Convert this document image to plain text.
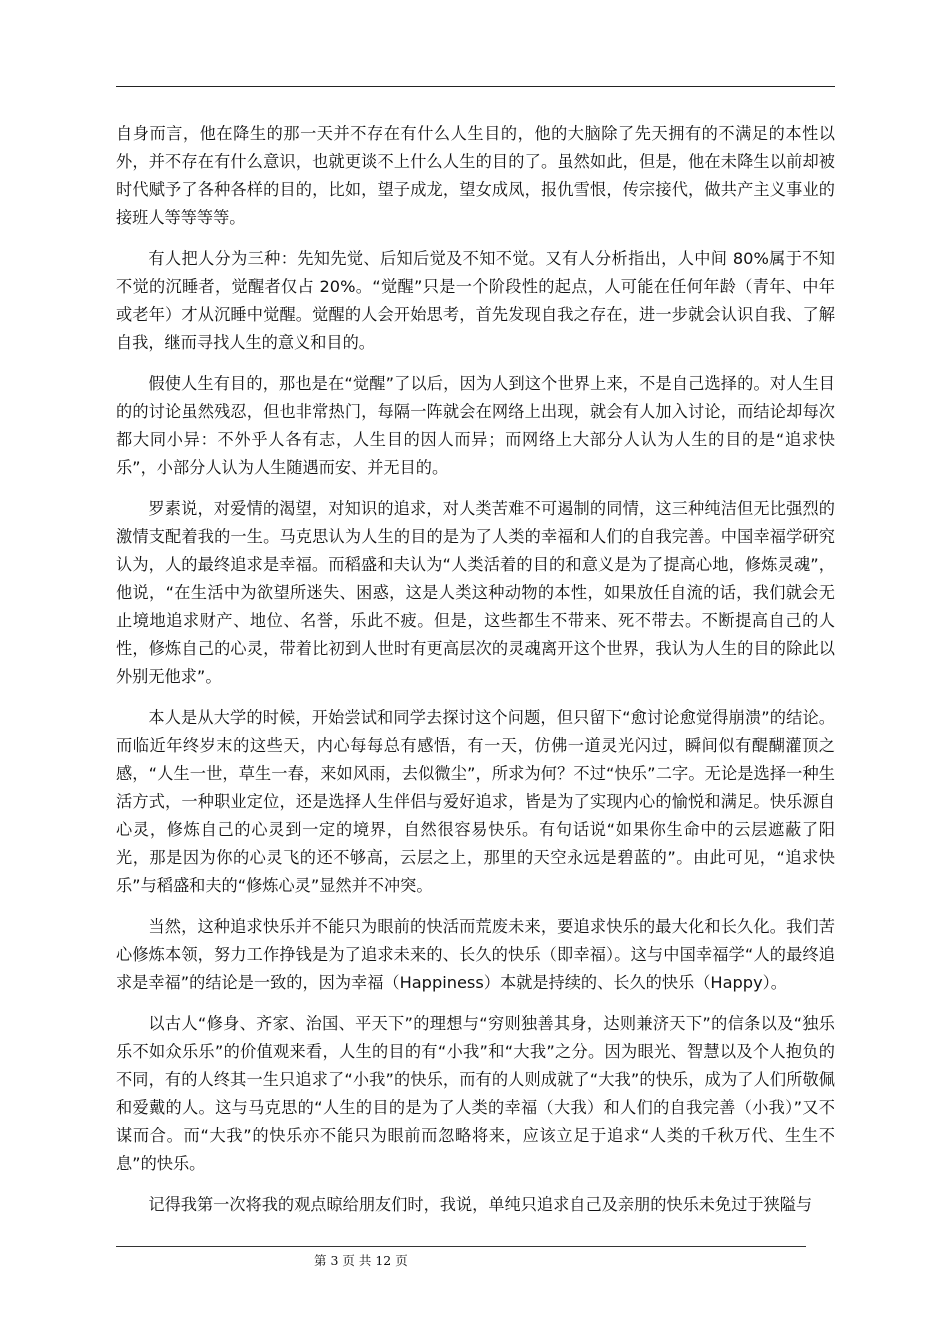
自身而言，他在降生的那一天并不存在有什么人生目的，他的大脑除了先天拥有的不满足的本性以外，并不存在有什么意识，也就更谈不上什么人生的目的了。虽然如此，但是，他在未降生以前却被时代赋予了各种各样的目的，比如，望子成龙，望女成凤，报仇雪恨，传宗接代，做共产主义事业的接班人等等等等。

有人把人分为三种：先知先觉、后知后觉及不知不觉。又有人分析指出，人中间 80%属于不知不觉的沉睡者，觉醒者仅占 20%。“觉醒”只是一个阶段性的起点，人可能在任何年龄（青年、中年或老年）才从沉睡中觉醒。觉醒的人会开始思考，首先发现自我之存在，进一步就会认识自我、了解自我，继而寻找人生的意义和目的。

假使人生有目的，那也是在“觉醒”了以后，因为人到这个世界上来，不是自己选择的。对人生目的的讨论虽然残忍，但也非常热门，每隔一阵就会在网络上出现，就会有人加入讨论，而结论却每次都大同小异：不外乎人各有志，人生目的因人而异；而网络上大部分人认为人生的目的是“追求快乐”，小部分人认为人生随遇而安、并无目的。

罗素说，对爱情的渴望，对知识的追求，对人类苦难不可遏制的同情，这三种纯洁但无比强烈的激情支配着我的一生。马克思认为人生的目的是为了人类的幸福和人们的自我完善。中国幸福学研究认为，人的最终追求是幸福。而稻盛和夫认为“人类活着的目的和意义是为了提高心地，修炼灵魂”，他说，“在生活中为欲望所迷失、困惑，这是人类这种动物的本性，如果放任自流的话，我们就会无止境地追求财产、地位、名誉，乐此不疲。但是，这些都生不带来、死不带去。不断提高自己的人性，修炼自己的心灵，带着比初到人世时有更高层次的灵魂离开这个世界，我认为人生的目的除此以外别无他求”。

本人是从大学的时候，开始尝试和同学去探讨这个问题，但只留下“愈讨论愈觉得崩溃”的结论。而临近年终岁末的这些天，内心每每总有感悟，有一天，仿佛一道灵光闪过，瞬间似有醍醐灌顶之感，“人生一世，草生一春，来如风雨，去似微尘”，所求为何？不过“快乐”二字。无论是选择一种生活方式，一种职业定位，还是选择人生伴侣与爱好追求，皆是为了实现内心的愉悦和满足。快乐源自心灵，修炼自己的心灵到一定的境界，自然很容易快乐。有句话说“如果你生命中的云层遮蔽了阳光，那是因为你的心灵飞的还不够高，云层之上，那里的天空永远是碧蓝的”。由此可见，“追求快乐”与稻盛和夫的“修炼心灵”显然并不冲突。

当然，这种追求快乐并不能只为眼前的快活而荒废未来，要追求快乐的最大化和长久化。我们苦心修炼本领，努力工作挣钱是为了追求未来的、长久的快乐（即幸福）。这与中国幸福学“人的最终追求是幸福”的结论是一致的，因为幸福（Happiness）本就是持续的、长久的快乐（Happy）。

以古人“修身、齐家、治国、平天下”的理想与“穷则独善其身，达则兼济天下”的信条以及“独乐乐不如众乐乐”的价值观来看，人生的目的有“小我”和“大我”之分。因为眼光、智慧以及个人抱负的不同，有的人终其一生只追求了“小我”的快乐，而有的人则成就了“大我”的快乐，成为了人们所敬佩和爱戴的人。这与马克思的“人生的目的是为了人类的幸福（大我）和人们的自我完善（小我）”又不谋而合。而“大我”的快乐亦不能只为眼前而忽略将来，应该立足于追求“人类的千秋万代、生生不息”的快乐。

记得我第一次将我的观点晾给朋友们时，我说，单纯只追求自己及亲朋的快乐未免过于狭隘与

第 3 页 共 12 页
